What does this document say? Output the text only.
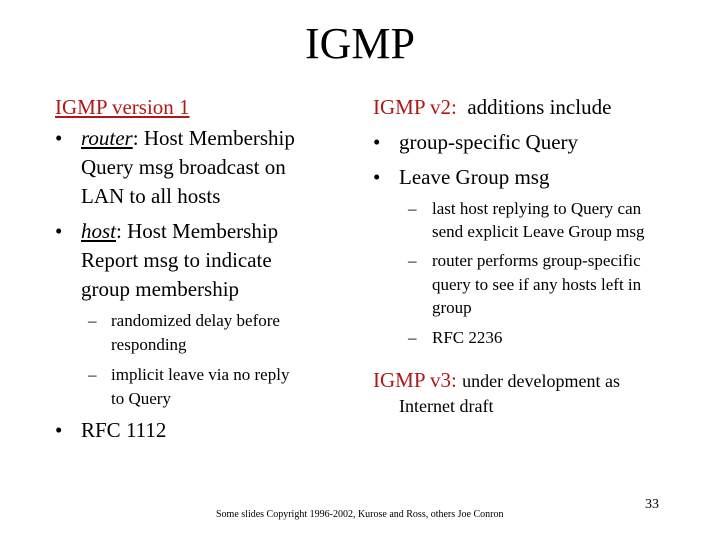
IGMP
IGMP version 1
• router: Host Membership
Query msg broadcast on
LAN to all hosts
• host: Host Membership
Report msg to indicate
group membership
– randomized delay before
responding
– implicit leave via no reply
to Query
• RFC 1112
IGMP v2: additions include
• group-specific Query
• Leave Group msg
– last host replying to Query can
send explicit Leave Group msg
– router performs group-specific
query to see if any hosts left in
group
– RFC 2236
IGMP v3: under development as
Internet draft
Some slides Copyright 1996-2002, Kurose and Ross, others Joe Conron
33
